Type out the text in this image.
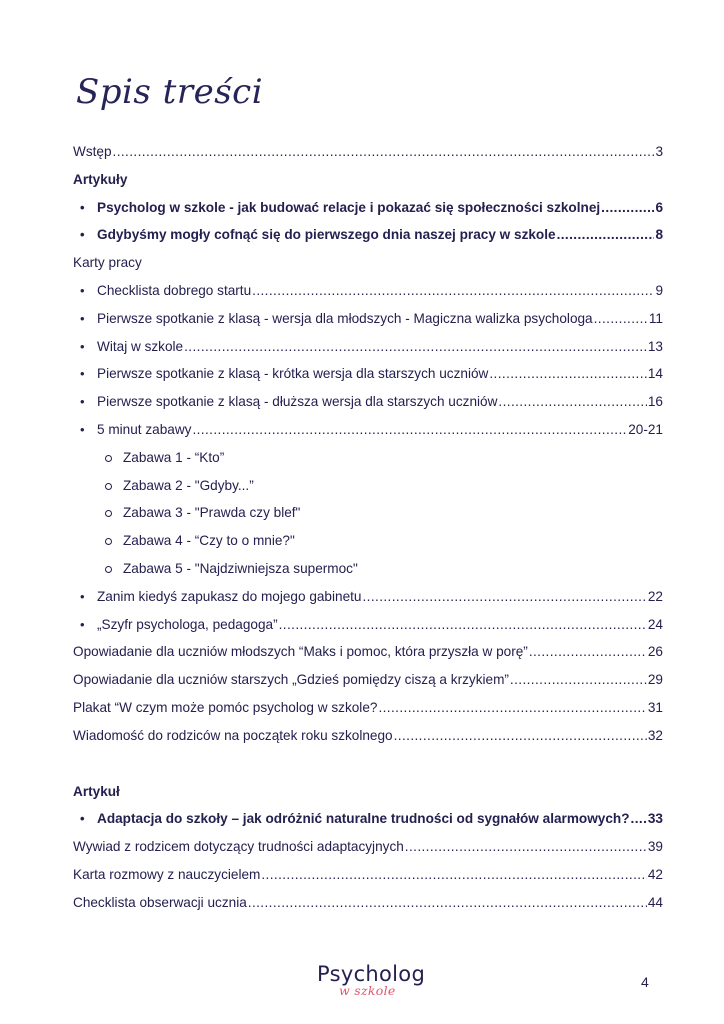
Spis treści
Wstęp .....	3
Artykuły
• Psycholog w szkole - jak budować relacje i pokazać się społeczności szkolnej .....	6
• Gdybyśmy mogły cofnąć się do pierwszego dnia naszej pracy w szkole .....	8
Karty pracy
• Checklista dobrego startu .....	9
• Pierwsze spotkanie z klasą - wersja dla młodszych - Magiczna walizka psychologa .....	11
• Witaj w szkole .....	13
• Pierwsze spotkanie z klasą - krótka wersja dla starszych uczniów .....	14
• Pierwsze spotkanie z klasą - dłuższa wersja dla starszych uczniów .....	16
• 5 minut zabawy .....	20-21
Zabawa 1 - “Kto”
Zabawa 2 - "Gdyby...”
Zabawa 3 - "Prawda czy blef"
Zabawa 4 - “Czy to o mnie?"
Zabawa 5 - "Najdziwniejsza supermoc"
• Zanim kiedyś zapukasz do mojego gabinetu .....	22
• „Szyfr psychologa, pedagoga” .....	24
Opowiadanie dla uczniów młodszych “Maks i pomoc, która przyszła w porę” .....	26
Opowiadanie dla uczniów starszych „Gdzieś pomiędzy ciszą a krzykiem” .....	29
Plakat “W czym może pomóc psycholog w szkole? .....	31
Wiadomość do rodziców na początek roku szkolnego .....	32
Artykuł
• Adaptacja do szkoły – jak odróżnić naturalne trudności od sygnałów alarmowych? ..... 33
Wywiad z rodzicem dotyczący trudności adaptacyjnych .....	39
Karta rozmowy z nauczycielem .....	42
Checklista obserwacji ucznia .....	44
Psycholog
w szkole
4
